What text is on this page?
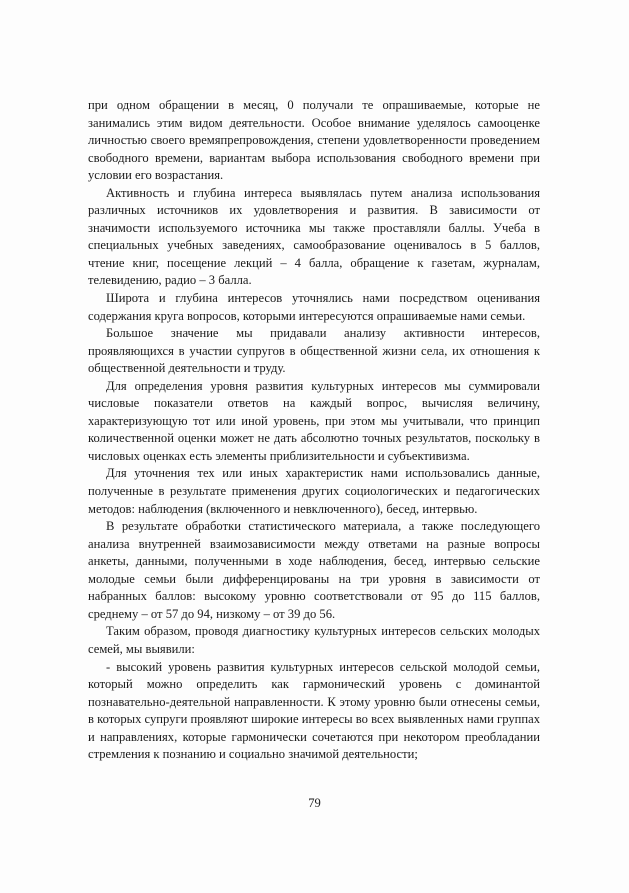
при одном обращении в месяц, 0 получали те опрашиваемые, которые не занимались этим видом деятельности. Особое внимание уделялось самооценке личностью своего времяпрепровождения, степени удовлетворенности проведением свободного времени, вариантам выбора использования свободного времени при условии его возрастания.

Активность и глубина интереса выявлялась путем анализа использования различных источников их удовлетворения и развития. В зависимости от значимости используемого источника мы также проставляли баллы. Учеба в специальных учебных заведениях, самообразование оценивалось в 5 баллов, чтение книг, посещение лекций – 4 балла, обращение к газетам, журналам, телевидению, радио – 3 балла.

Широта и глубина интересов уточнялись нами посредством оценивания содержания круга вопросов, которыми интересуются опрашиваемые нами семьи.

Большое значение мы придавали анализу активности интересов, проявляющихся в участии супругов в общественной жизни села, их отношения к общественной деятельности и труду.

Для определения уровня развития культурных интересов мы суммировали числовые показатели ответов на каждый вопрос, вычисляя величину, характеризующую тот или иной уровень, при этом мы учитывали, что принцип количественной оценки может не дать абсолютно точных результатов, поскольку в числовых оценках есть элементы приблизительности и субъективизма.

Для уточнения тех или иных характеристик нами использовались данные, полученные в результате применения других социологических и педагогических методов: наблюдения (включенного и невключенного), бесед, интервью.

В результате обработки статистического материала, а также последующего анализа внутренней взаимозависимости между ответами на разные вопросы анкеты, данными, полученными в ходе наблюдения, бесед, интервью сельские молодые семьи были дифференцированы на три уровня в зависимости от набранных баллов: высокому уровню соответствовали от 95 до 115 баллов, среднему – от 57 до 94, низкому – от 39 до 56.

Таким образом, проводя диагностику культурных интересов сельских молодых семей, мы выявили:

- высокий уровень развития культурных интересов сельской молодой семьи, который можно определить как гармонический уровень с доминантой познавательно-деятельной направленности. К этому уровню были отнесены семьи, в которых супруги проявляют широкие интересы во всех выявленных нами группах и направлениях, которые гармонически сочетаются при некотором преобладании стремления к познанию и социально значимой деятельности;

79
